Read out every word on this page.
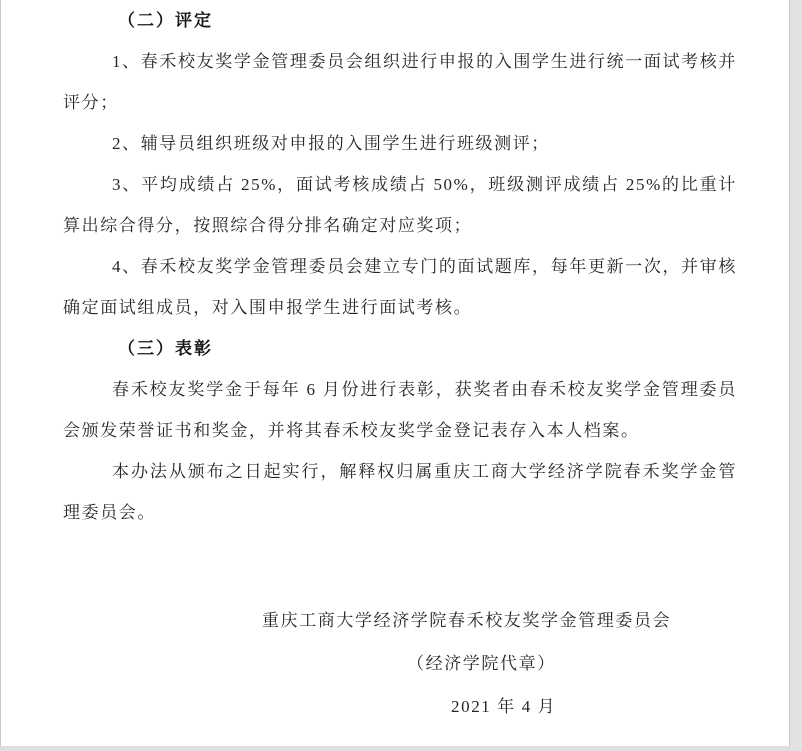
（二）评定

1、春禾校友奖学金管理委员会组织进行申报的入围学生进行统一面试考核并评分；

2、辅导员组织班级对申报的入围学生进行班级测评；

3、平均成绩占 25%，面试考核成绩占 50%，班级测评成绩占 25%的比重计算出综合得分，按照综合得分排名确定对应奖项；

4、春禾校友奖学金管理委员会建立专门的面试题库，每年更新一次，并审核确定面试组成员，对入围申报学生进行面试考核。

（三）表彰

春禾校友奖学金于每年 6 月份进行表彰，获奖者由春禾校友奖学金管理委员会颁发荣誉证书和奖金，并将其春禾校友奖学金登记表存入本人档案。

本办法从颁布之日起实行，解释权归属重庆工商大学经济学院春禾奖学金管理委员会。

重庆工商大学经济学院春禾校友奖学金管理委员会
（经济学院代章）
2021 年 4 月
